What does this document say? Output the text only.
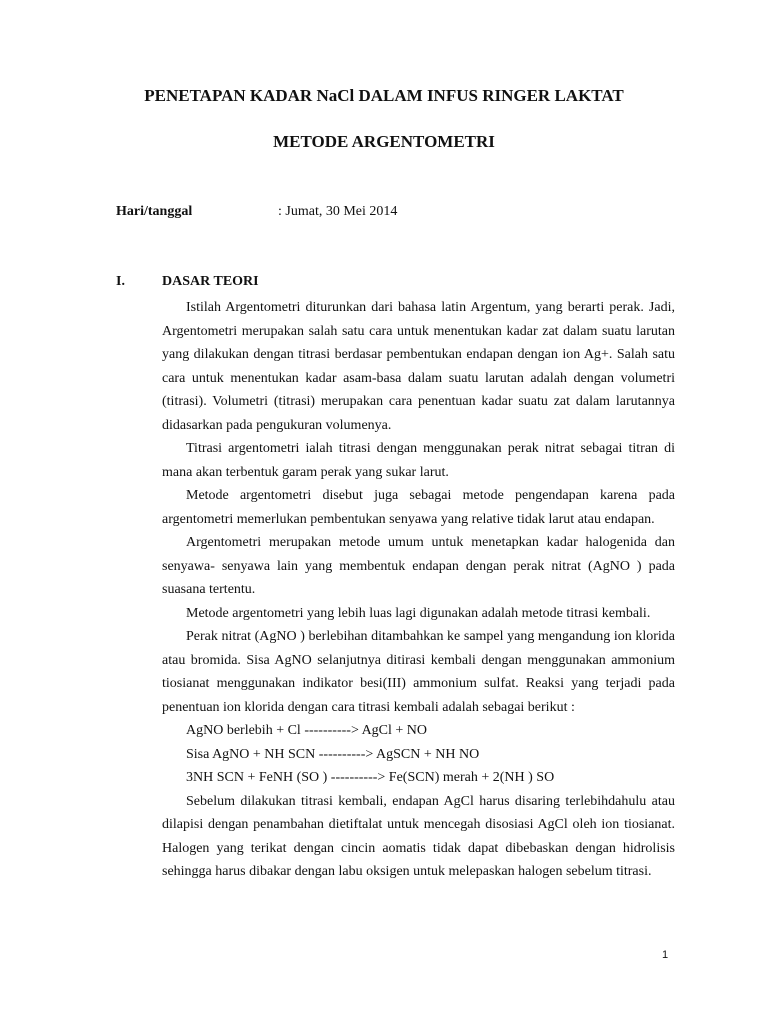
PENETAPAN KADAR NaCl DALAM INFUS RINGER LAKTAT
METODE ARGENTOMETRI
Hari/tanggal	: Jumat, 30 Mei 2014
I.	DASAR TEORI

Istilah Argentometri diturunkan dari bahasa latin Argentum, yang berarti perak. Jadi, Argentometri merupakan salah satu cara untuk menentukan kadar zat dalam suatu larutan yang dilakukan dengan titrasi berdasar pembentukan endapan dengan ion Ag+. Salah satu cara untuk menentukan kadar asam-basa dalam suatu larutan adalah dengan volumetri (titrasi). Volumetri (titrasi) merupakan cara penentuan kadar suatu zat dalam larutannya didasarkan pada pengukuran volumenya.

Titrasi argentometri ialah titrasi dengan menggunakan perak nitrat sebagai titran di mana akan terbentuk garam perak yang sukar larut.

Metode argentometri disebut juga sebagai metode pengendapan karena pada argentometri memerlukan pembentukan senyawa yang relative tidak larut atau endapan.

Argentometri merupakan metode umum untuk menetapkan kadar halogenida dan senyawa- senyawa lain yang membentuk endapan dengan perak nitrat (AgNO ) pada suasana tertentu.

Metode argentometri yang lebih luas lagi digunakan adalah metode titrasi kembali.

Perak nitrat (AgNO ) berlebihan ditambahkan ke sampel yang mengandung ion klorida atau bromida. Sisa AgNO selanjutnya ditirasi kembali dengan menggunakan ammonium tiosianat menggunakan indikator besi(III) ammonium sulfat. Reaksi yang terjadi pada penentuan ion klorida dengan cara titrasi kembali adalah sebagai berikut :

AgNO berlebih + Cl ----------> AgCl + NO

Sisa AgNO + NH SCN ----------> AgSCN + NH NO

3NH SCN + FeNH (SO ) ----------> Fe(SCN) merah + 2(NH ) SO

Sebelum dilakukan titrasi kembali, endapan AgCl harus disaring terlebihdahulu atau dilapisi dengan penambahan dietiftalat untuk mencegah disosiasi AgCl oleh ion tiosianat. Halogen yang terikat dengan cincin aomatis tidak dapat dibebaskan dengan hidrolisis sehingga harus dibakar dengan labu oksigen untuk melepaskan halogen sebelum titrasi.

1
